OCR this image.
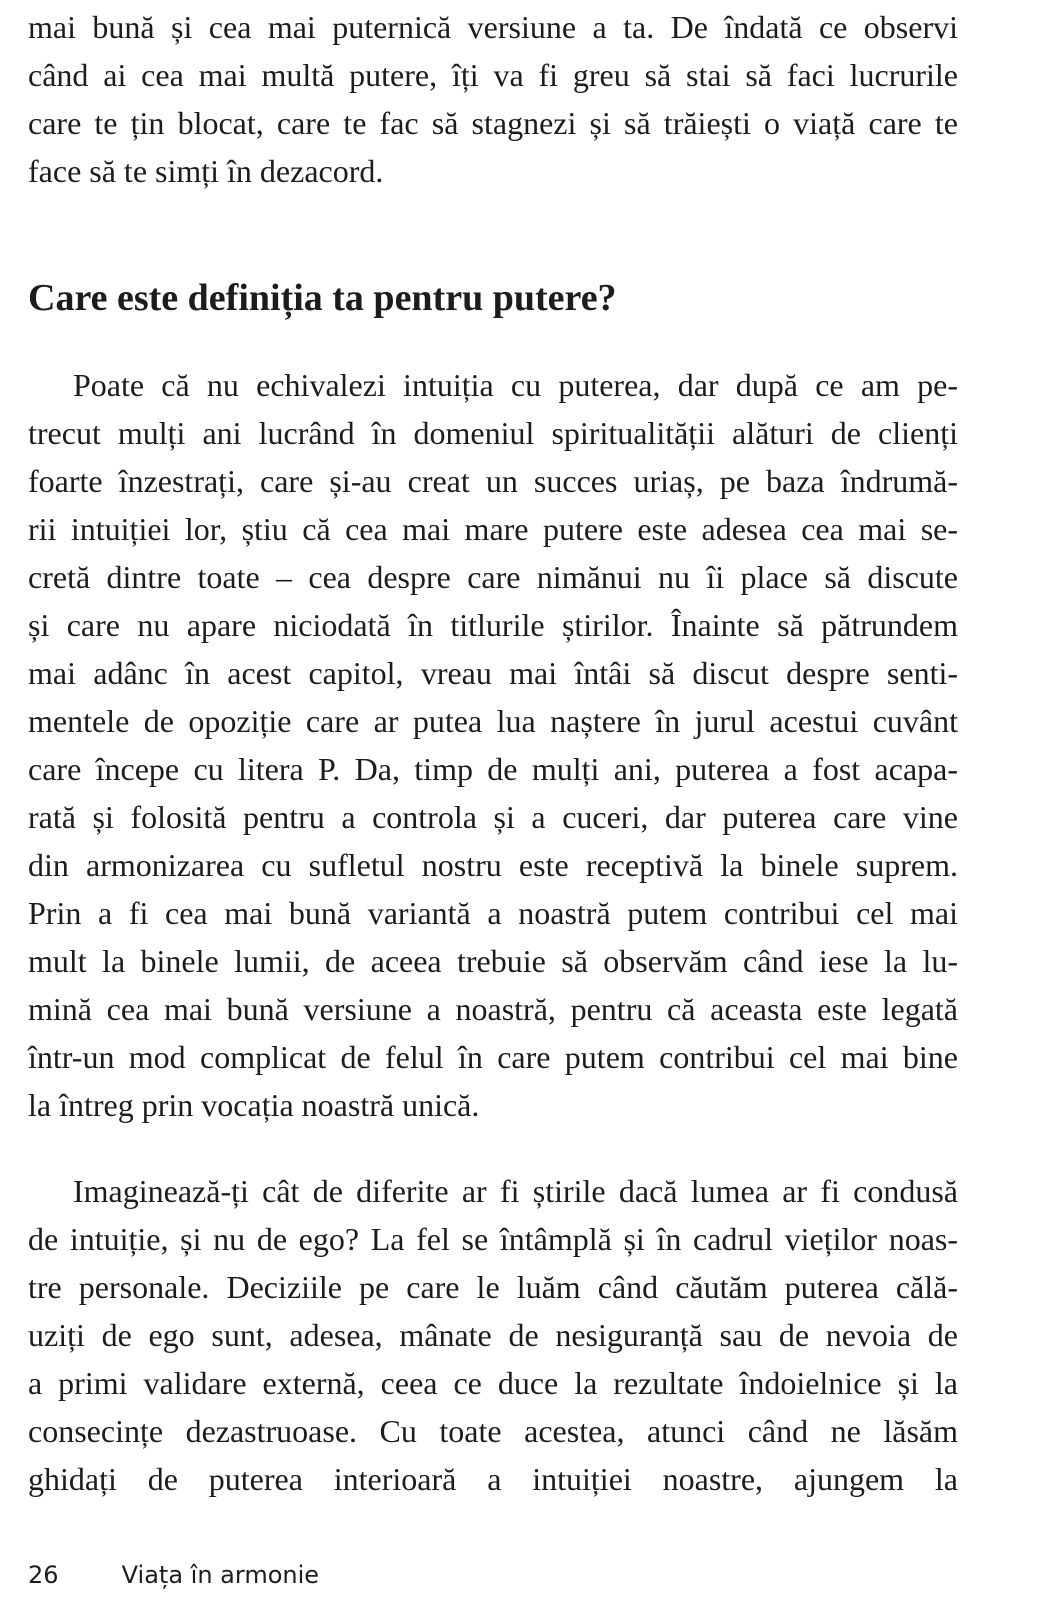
mai bună și cea mai puternică versiune a ta. De îndată ce observi
când ai cea mai multă putere, îți va fi greu să stai să faci lucrurile
care te țin blocat, care te fac să stagnezi și să trăiești o viață care te
face să te simți în dezacord.
Care este definiția ta pentru putere?
Poate că nu echivalezi intuiția cu puterea, dar după ce am pe-
trecut mulți ani lucrând în domeniul spiritualității alături de clienți
foarte înzestrați, care și-au creat un succes uriaș, pe baza îndrumă-
rii intuiției lor, știu că cea mai mare putere este adesea cea mai se-
cretă dintre toate – cea despre care nimănui nu îi place să discute
și care nu apare niciodată în titlurile știrilor. Înainte să pătrundem
mai adânc în acest capitol, vreau mai întâi să discut despre senti-
mentele de opoziție care ar putea lua naștere în jurul acestui cuvânt
care începe cu litera P. Da, timp de mulți ani, puterea a fost acapa-
rată și folosită pentru a controla și a cuceri, dar puterea care vine
din armonizarea cu sufletul nostru este receptivă la binele suprem.
Prin a fi cea mai bună variantă a noastră putem contribui cel mai
mult la binele lumii, de aceea trebuie să observăm când iese la lu-
mină cea mai bună versiune a noastră, pentru că aceasta este legată
într-un mod complicat de felul în care putem contribui cel mai bine
la întreg prin vocația noastră unică.
Imaginează-ți cât de diferite ar fi știrile dacă lumea ar fi condusă
de intuiție, și nu de ego? La fel se întâmplă și în cadrul vieților noas-
tre personale. Deciziile pe care le luăm când căutăm puterea călă-
uziți de ego sunt, adesea, mânate de nesiguranță sau de nevoia de
a primi validare externă, ceea ce duce la rezultate îndoielnice și la
consecințe dezastruoase. Cu toate acestea, atunci când ne lăsăm
ghidați de puterea interioară a intuiției noastre, ajungem la
26	Viața în armonie
